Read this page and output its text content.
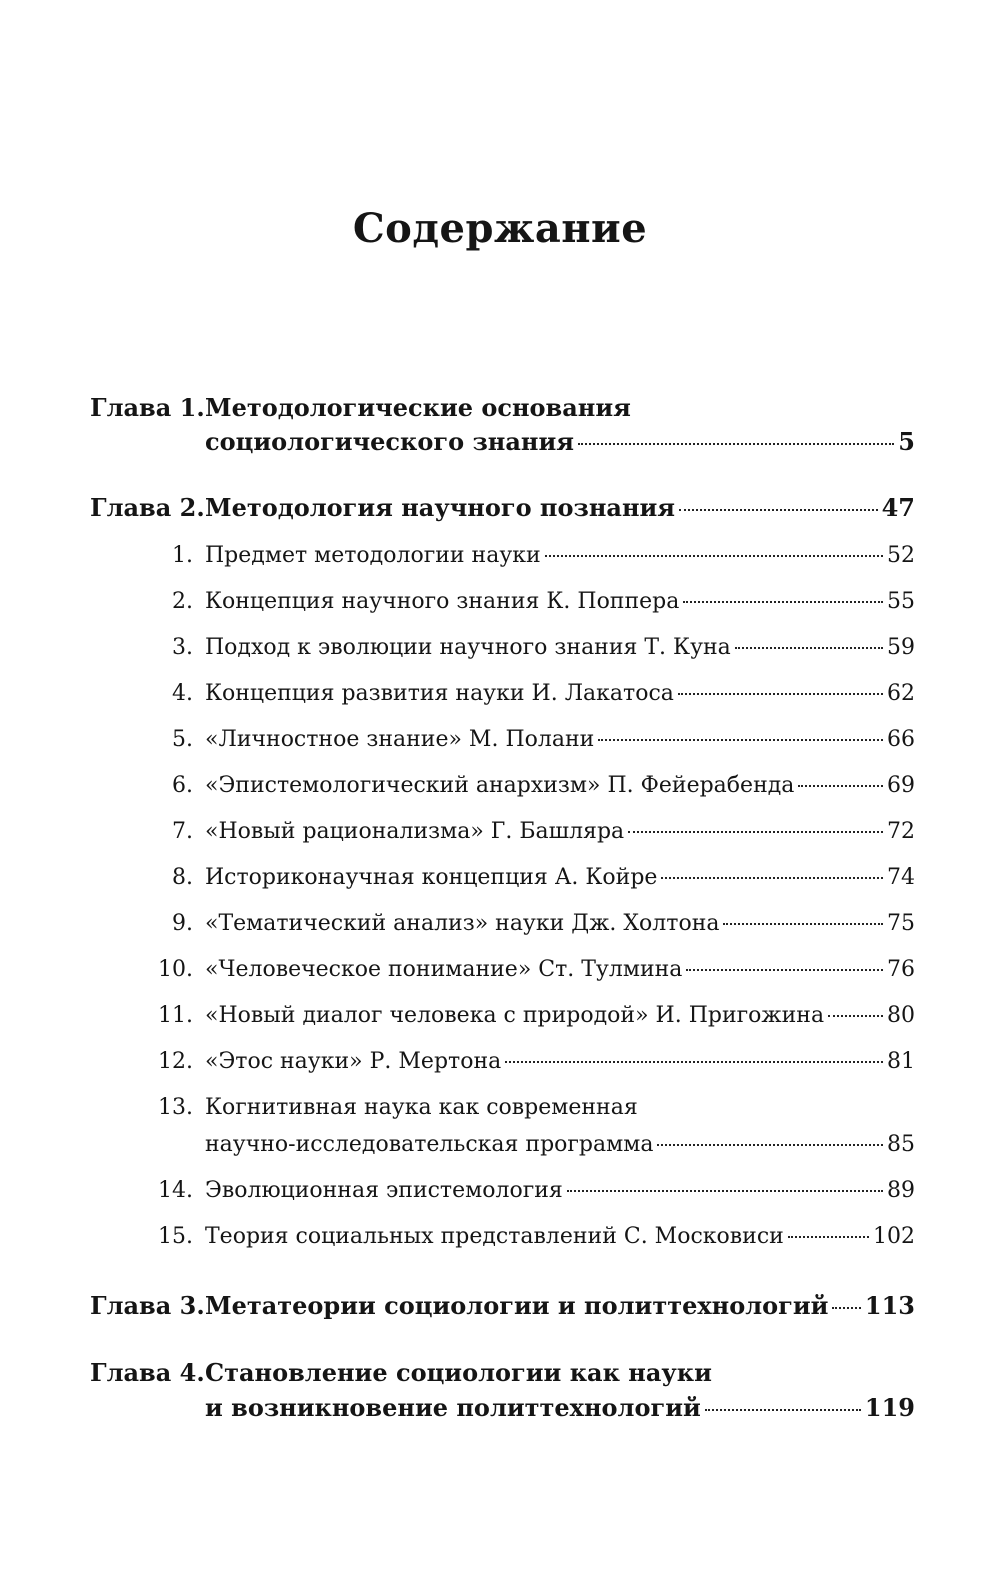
Содержание
Глава 1. Методологические основания
социологического знания	5
Глава 2. Методология научного познания	47
1. Предмет методологии науки	52
2. Концепция научного знания К. Поппера	55
3. Подход к эволюции научного знания Т. Куна	59
4. Концепция развития науки И. Лакатоса	62
5. «Личностное знание» М. Полани	66
6. «Эпистемологический анархизм» П. Фейерабенда	69
7. «Новый рационализма» Г. Башляра	72
8. Историконаучная концепция А. Койре	74
9. «Тематический анализ» науки Дж. Холтона	75
10. «Человеческое понимание» Ст. Тулмина	76
11. «Новый диалог человека с природой» И. Пригожина	80
12. «Этос науки» Р. Мертона	81
13. Когнитивная наука как современная
научно-исследовательская программа	85
14. Эволюционная эпистемология	89
15. Теория социальных представлений С. Московиси	102
Глава 3. Метатеории социологии и политтехнологий 113
Глава 4. Становление социологии как науки
и возникновение политтехнологий	119
